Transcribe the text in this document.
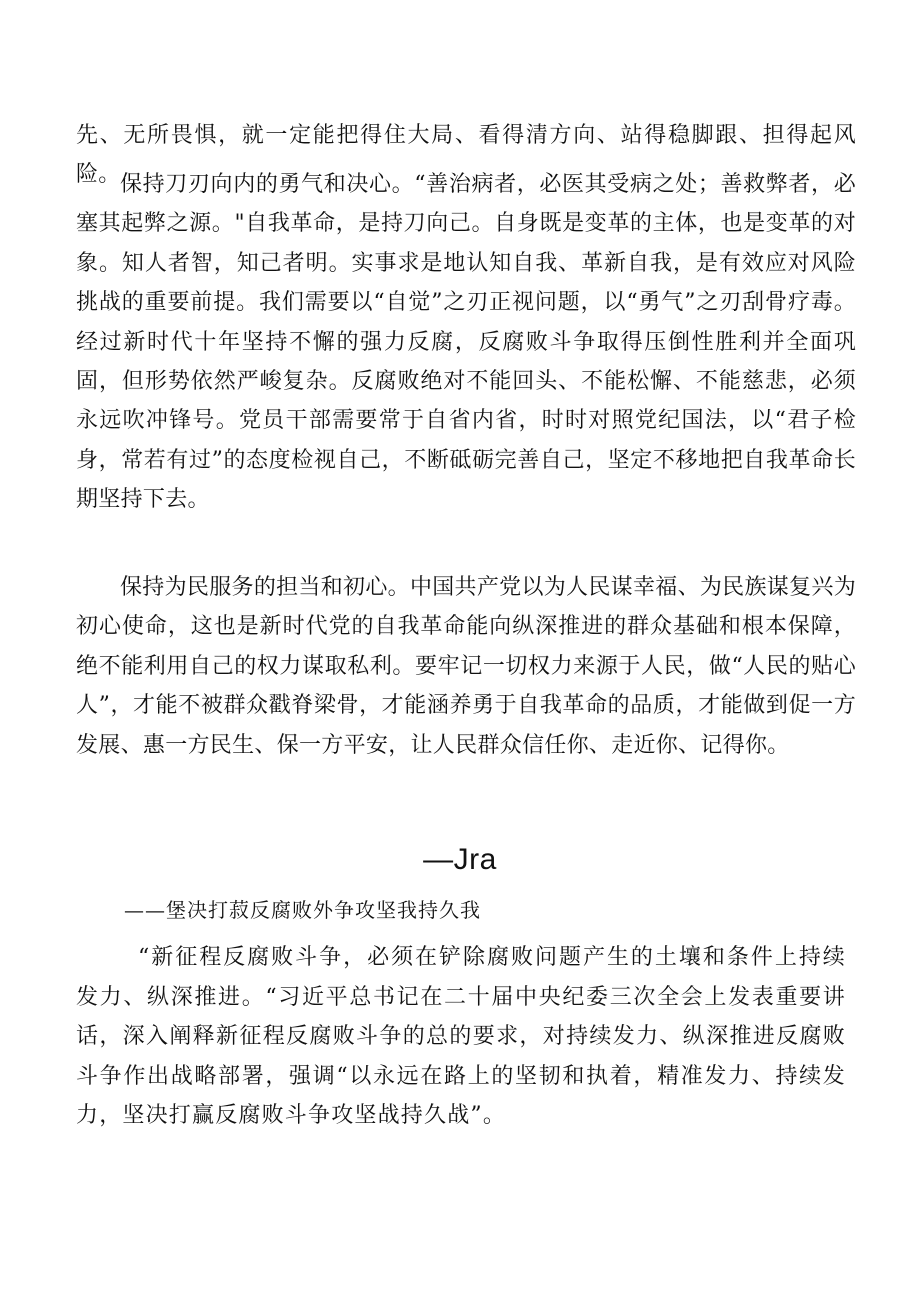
先、无所畏惧，就一定能把得住大局、看得清方向、站得稳脚跟、担得起风险。 保持刀刃向内的勇气和决心。“善治病者，必医其受病之处；善救弊者，必塞其起弊之源。"自我革命，是持刀向己。自身既是变革的主体，也是变革的对象。知人者智，知己者明。实事求是地认知自我、革新自我，是有效应对风险挑战的重要前提。我们需要以“自觉”之刃正视问题，以“勇气”之刃刮骨疗毒。经过新时代十年坚持不懈的强力反腐，反腐败斗争取得压倒性胜利并全面巩固，但形势依然严峻复杂。反腐败绝对不能回头、不能松懈、不能慈悲，必须永远吹冲锋号。党员干部需要常于自省内省，时时对照党纪国法，以“君子检身，常若有过”的态度检视自己，不断砥砺完善自己，坚定不移地把自我革命长期坚持下去。

保持为民服务的担当和初心。中国共产党以为人民谋幸福、为民族谋复兴为初心使命，这也是新时代党的自我革命能向纵深推进的群众基础和根本保障，绝不能利用自己的权力谋取私利。要牢记一切权力来源于人民，做“人民的贴心人”，才能不被群众戳脊梁骨，才能涵养勇于自我革命的品质，才能做到促一方发展、惠一方民生、保一方平安，让人民群众信任你、走近你、记得你。

—Jra
——堡决打菽反腐败外争攻坚我持久我

“新征程反腐败斗争，必须在铲除腐败问题产生的土壤和条件上持续发力、纵深推进。“习近平总书记在二十届中央纪委三次全会上发表重要讲话，深入阐释新征程反腐败斗争的总的要求，对持续发力、纵深推进反腐败斗争作出战略部署，强调“以永远在路上的坚韧和执着，精准发力、持续发力，坚决打赢反腐败斗争攻坚战持久战”。
